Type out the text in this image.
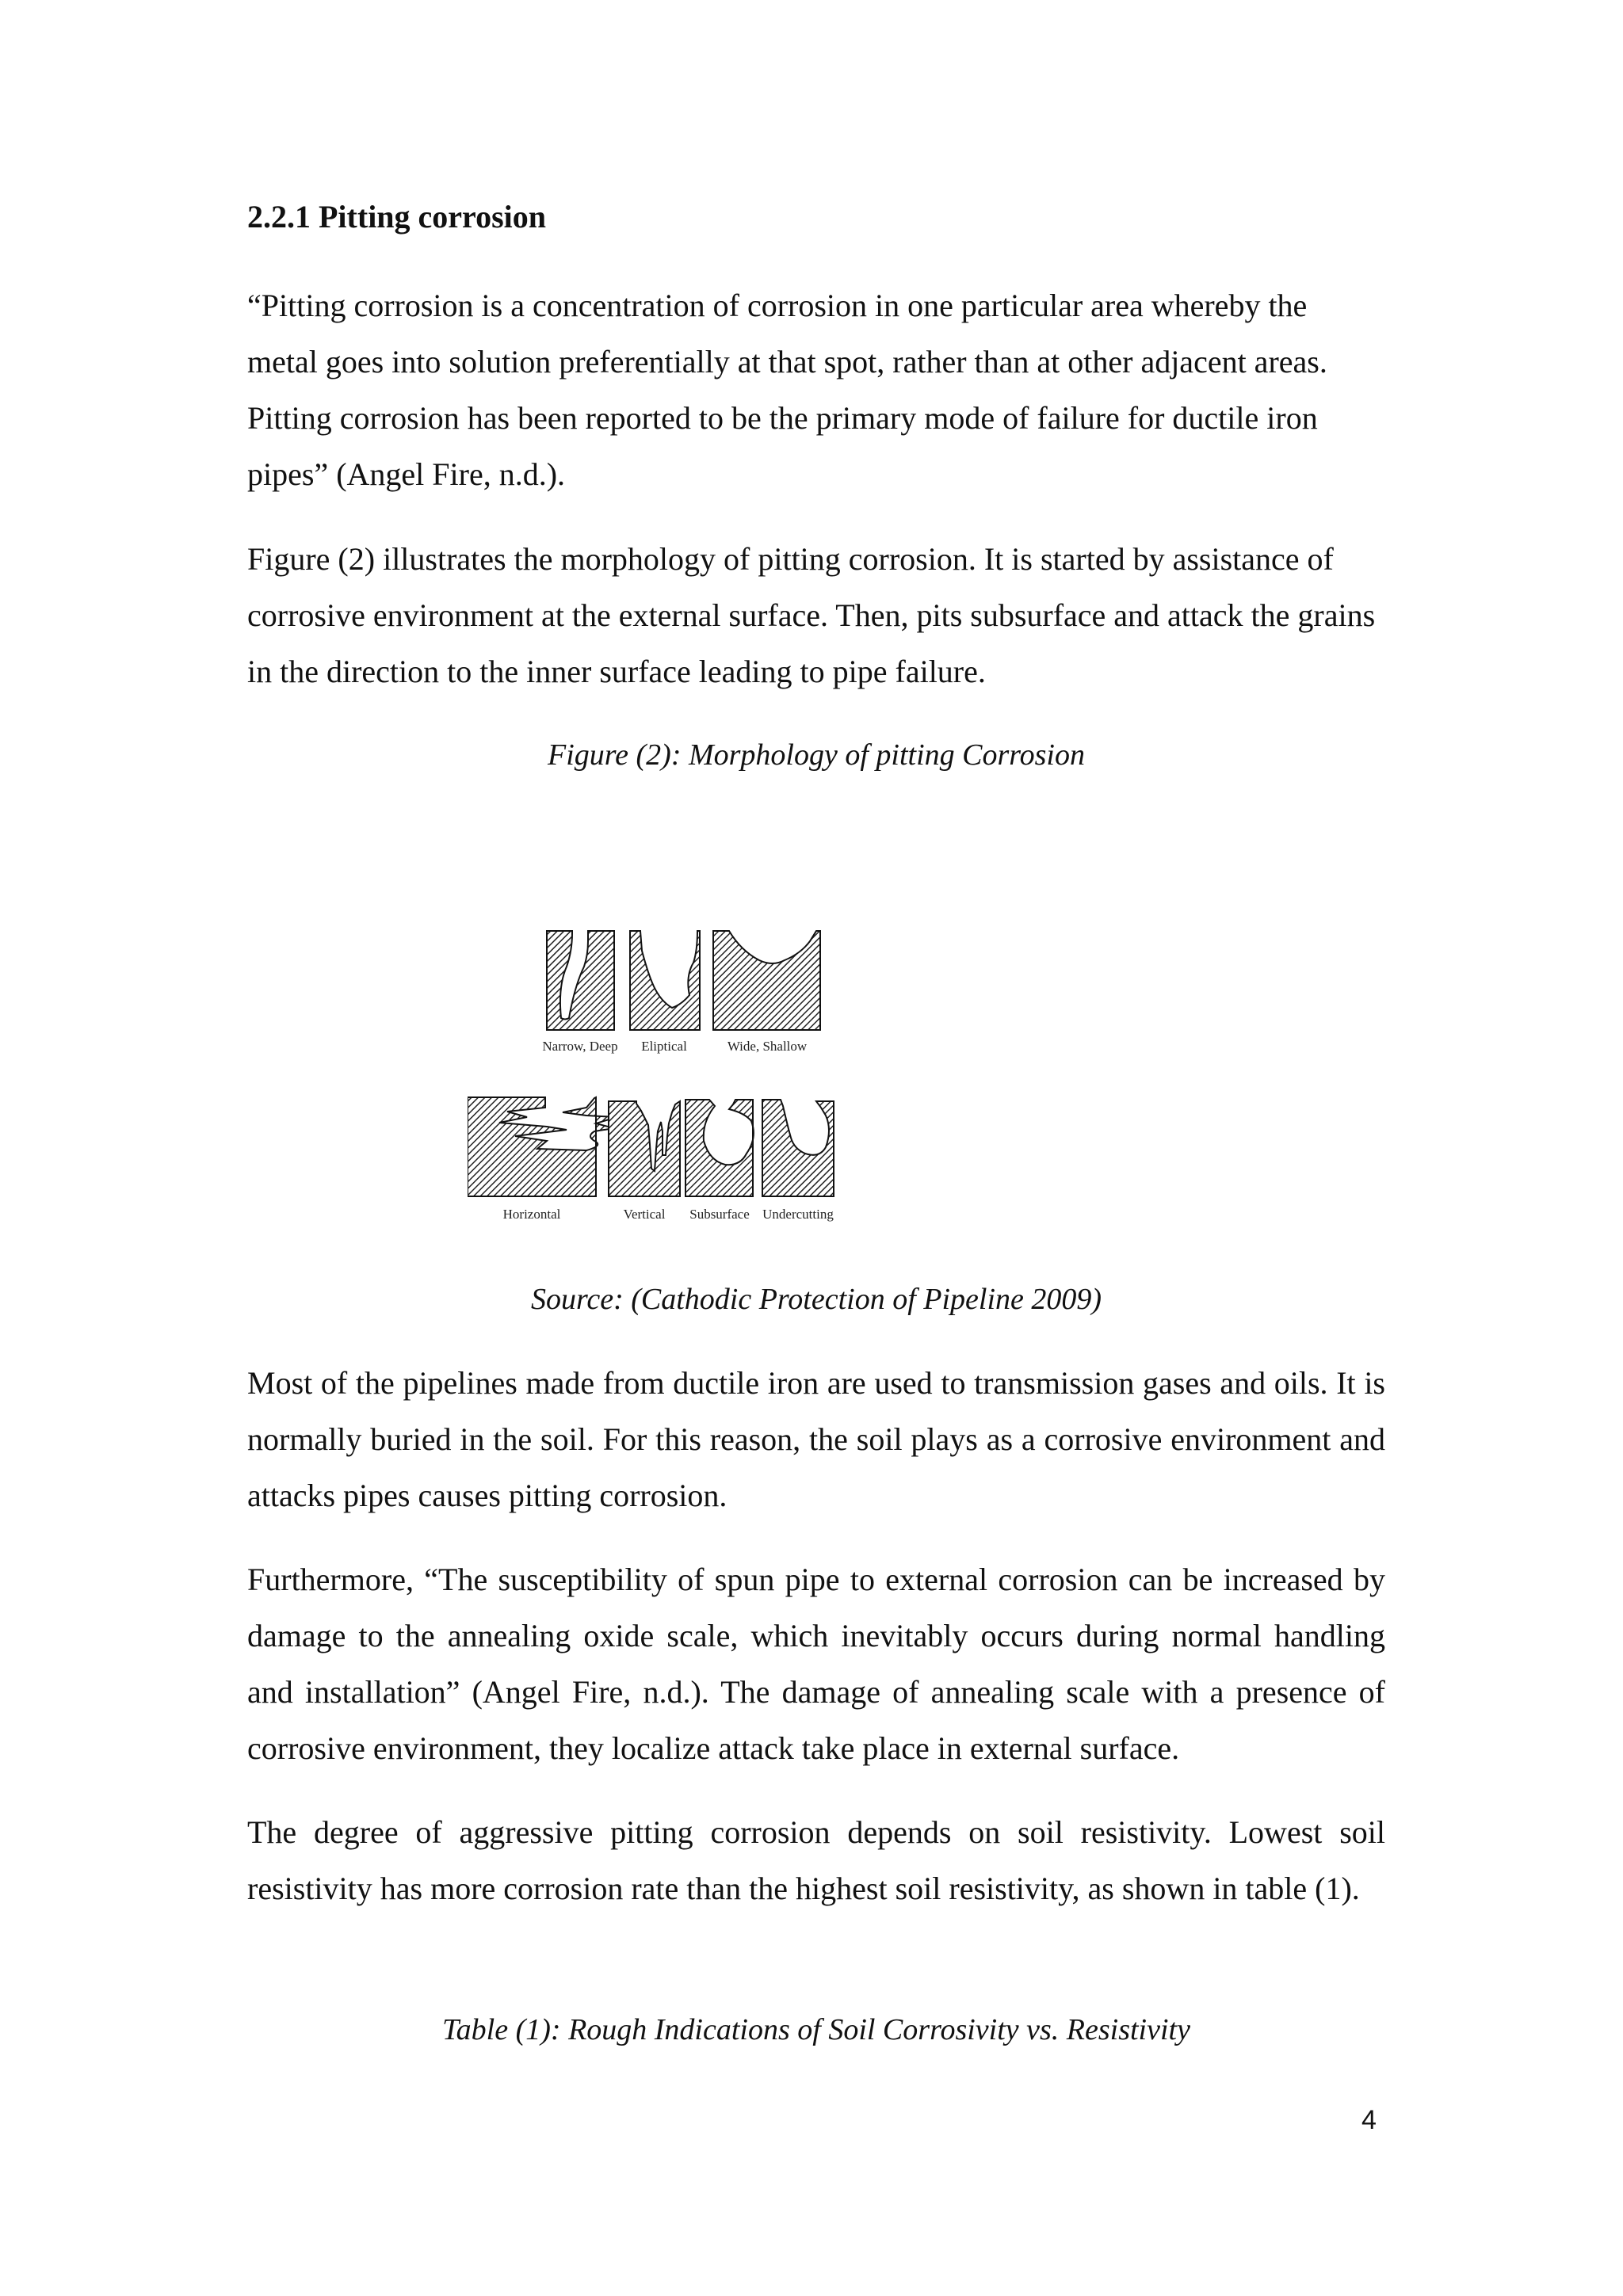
2.2.1 Pitting corrosion

“Pitting corrosion is a concentration of corrosion in one particular area whereby the metal goes into solution preferentially at that spot, rather than at other adjacent areas. Pitting corrosion has been reported to be the primary mode of failure for ductile iron pipes” (Angel Fire, n.d.).

Figure (2) illustrates the morphology of pitting corrosion. It is started by assistance of corrosive environment at the external surface. Then, pits subsurface and attack the grains in the direction to the inner surface leading to pipe failure.

Figure (2): Morphology of pitting Corrosion

Narrow, Deep Eliptical	Wide, Shallow
Horizontal	Vertical Subsurface Undercutting

Source: (Cathodic Protection of Pipeline 2009)

Most of the pipelines made from ductile iron are used to transmission gases and oils. It is normally buried in the soil. For this reason, the soil plays as a corrosive environment and attacks pipes causes pitting corrosion.

Furthermore, “The susceptibility of spun pipe to external corrosion can be increased by damage to the annealing oxide scale, which inevitably occurs during normal handling and installation” (Angel Fire, n.d.). The damage of annealing scale with a presence of corrosive environment, they localize attack take place in external surface.

The degree of aggressive pitting corrosion depends on soil resistivity. Lowest soil resistivity has more corrosion rate than the highest soil resistivity, as shown in table (1).

Table (1): Rough Indications of Soil Corrosivity vs. Resistivity

4
